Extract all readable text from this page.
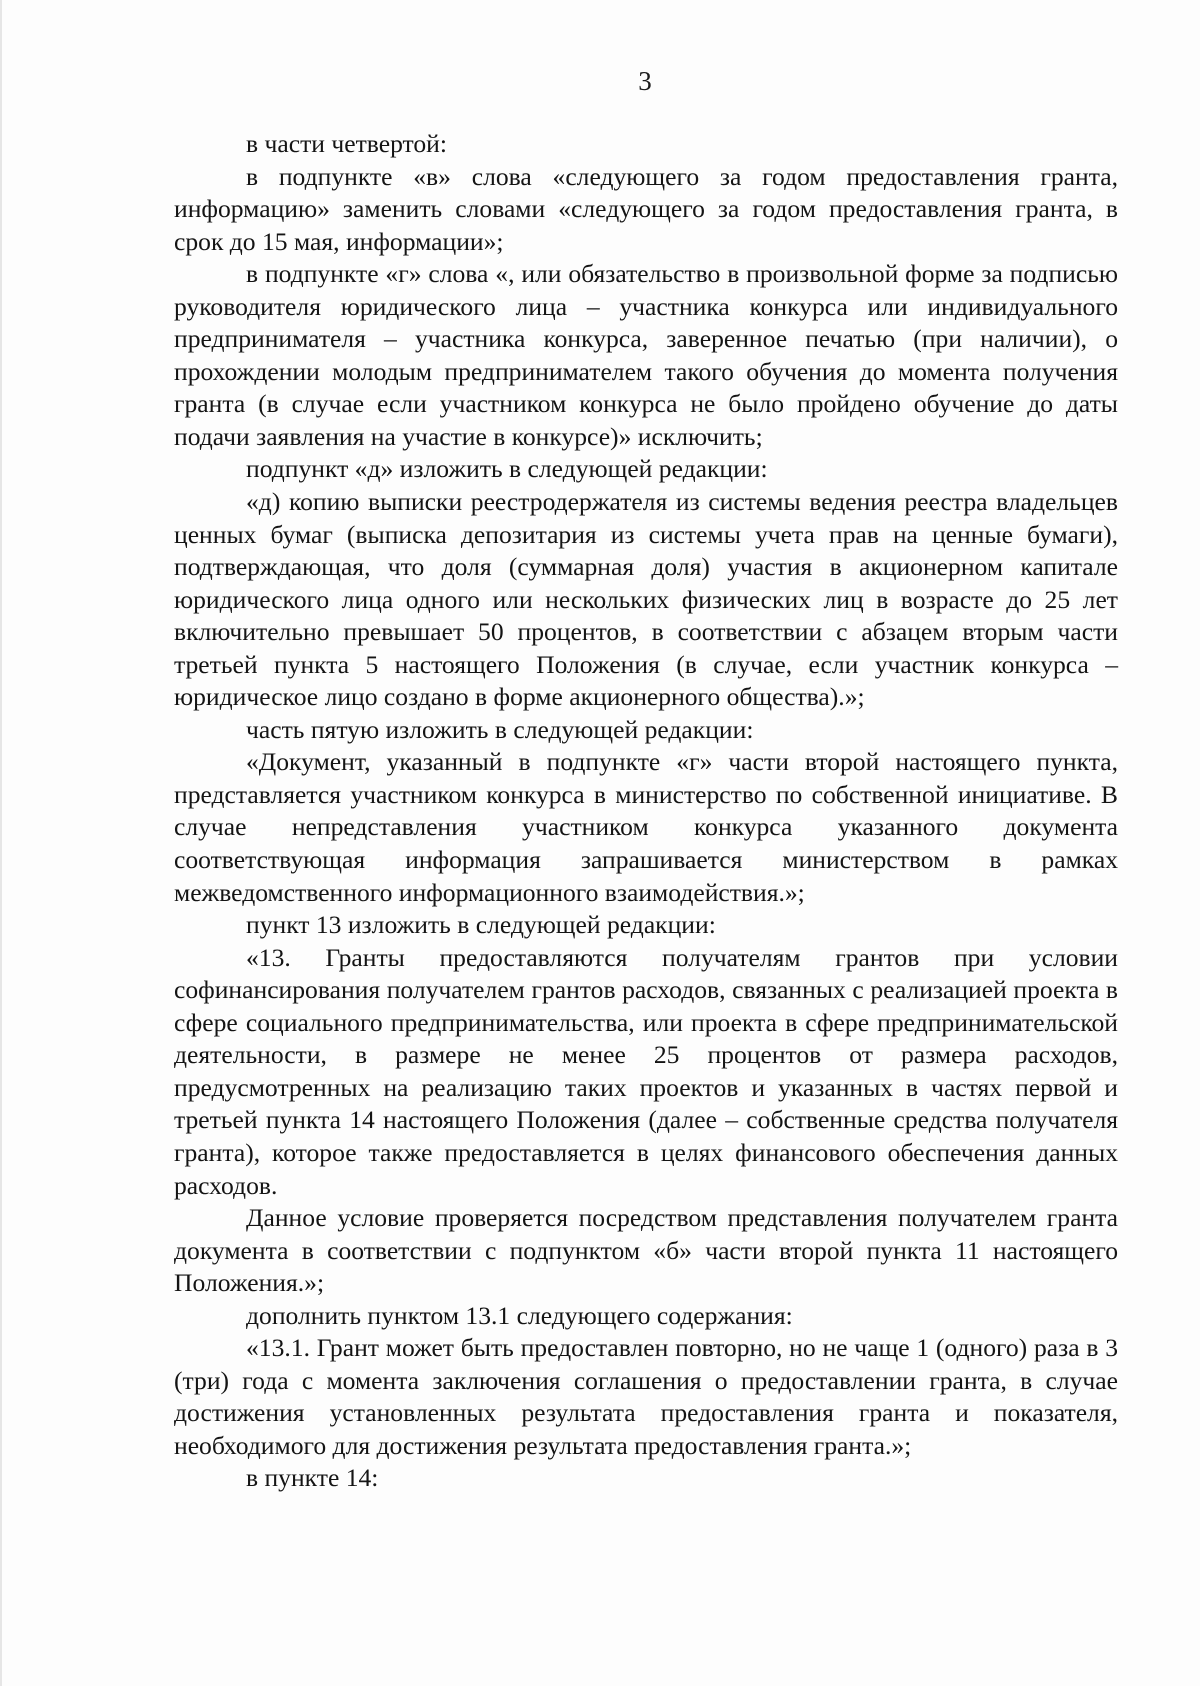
3

в части четвертой:

в подпункте «в» слова «следующего за годом предоставления гранта, информацию» заменить словами «следующего за годом предоставления гранта, в срок до 15 мая, информации»;

в подпункте «г» слова «, или обязательство в произвольной форме за подписью руководителя юридического лица – участника конкурса или индивидуального предпринимателя – участника конкурса, заверенное печатью (при наличии), о прохождении молодым предпринимателем такого обучения до момента получения гранта (в случае если участником конкурса не было пройдено обучение до даты подачи заявления на участие в конкурсе)» исключить;

подпункт «д» изложить в следующей редакции:

«д) копию выписки реестродержателя из системы ведения реестра владельцев ценных бумаг (выписка депозитария из системы учета прав на ценные бумаги), подтверждающая, что доля (суммарная доля) участия в акционерном капитале юридического лица одного или нескольких физических лиц в возрасте до 25 лет включительно превышает 50 процентов, в соответствии с абзацем вторым части третьей пункта 5 настоящего Положения (в случае, если участник конкурса – юридическое лицо создано в форме акционерного общества).»;

часть пятую изложить в следующей редакции:

«Документ, указанный в подпункте «г» части второй настоящего пункта, представляется участником конкурса в министерство по собственной инициативе. В случае непредставления участником конкурса указанного документа соответствующая информация запрашивается министерством в рамках межведомственного информационного взаимодействия.»;

пункт 13 изложить в следующей редакции:

«13. Гранты предоставляются получателям грантов при условии софинансирования получателем грантов расходов, связанных с реализацией проекта в сфере социального предпринимательства, или проекта в сфере предпринимательской деятельности, в размере не менее 25 процентов от размера расходов, предусмотренных на реализацию таких проектов и указанных в частях первой и третьей пункта 14 настоящего Положения (далее – собственные средства получателя гранта), которое также предоставляется в целях финансового обеспечения данных расходов.

Данное условие проверяется посредством представления получателем гранта документа в соответствии с подпунктом «б» части второй пункта 11 настоящего Положения.»;

дополнить пунктом 13.1 следующего содержания:

«13.1. Грант может быть предоставлен повторно, но не чаще 1 (одного) раза в 3 (три) года с момента заключения соглашения о предоставлении гранта, в случае достижения установленных результата предоставления гранта и показателя, необходимого для достижения результата предоставления гранта.»;

в пункте 14:
